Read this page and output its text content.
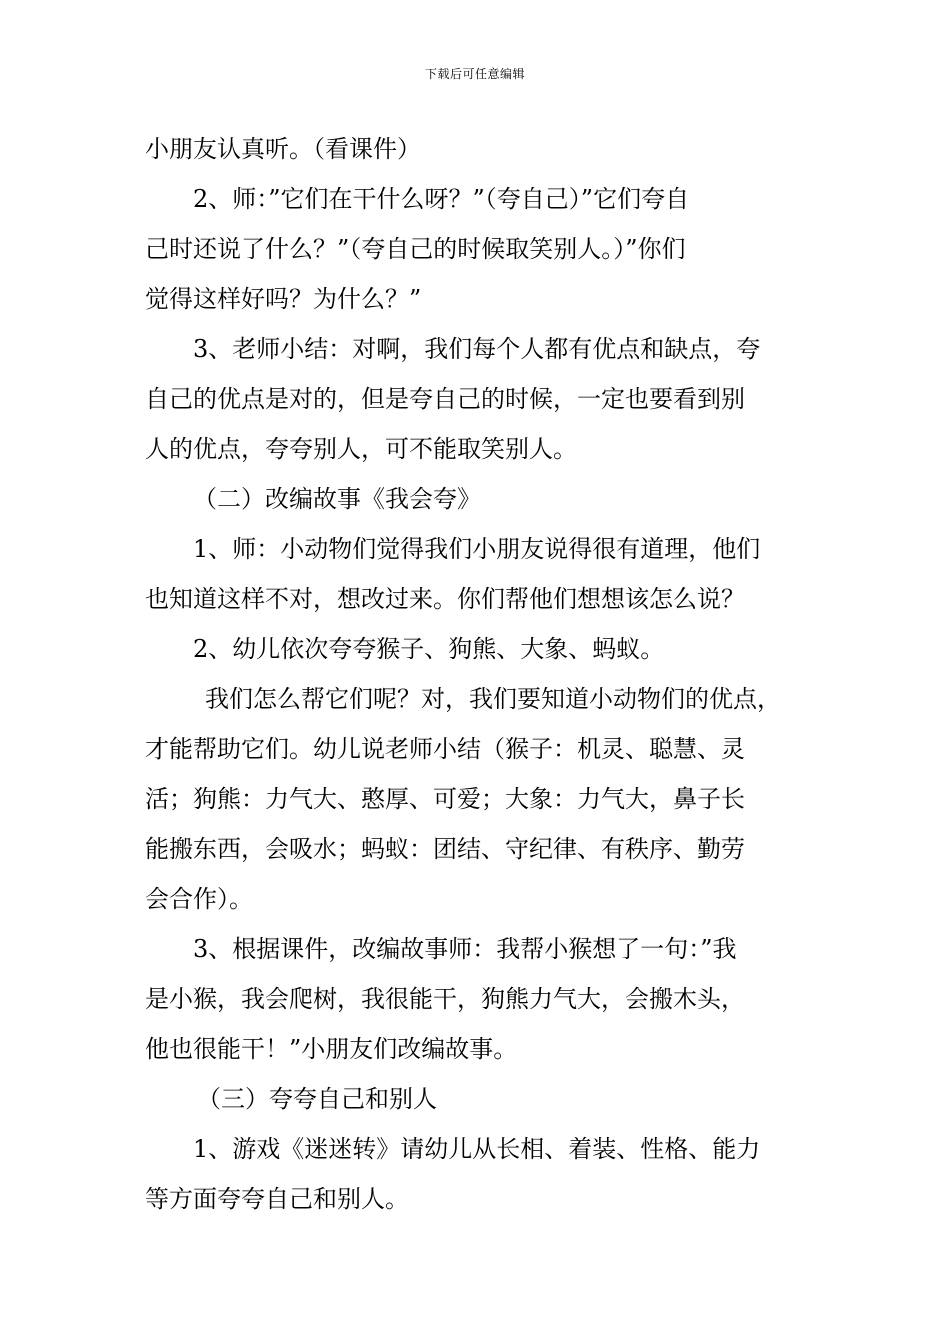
下载后可任意编辑
小朋友认真听。（看课件）
2、师：”它们在干什么呀？”（夸自己）”它们夸自
己时还说了什么？”（夸自己的时候取笑别人。）”你们
觉得这样好吗？为什么？”
3、老师小结：对啊，我们每个人都有优点和缺点，夸
自己的优点是对的，但是夸自己的时候，一定也要看到别
人的优点，夸夸别人，可不能取笑别人。
（二）改编故事《我会夸》
1、师：小动物们觉得我们小朋友说得很有道理，他们
也知道这样不对，想改过来。你们帮他们想想该怎么说？
2、幼儿依次夸夸猴子、狗熊、大象、蚂蚁。
我们怎么帮它们呢？对，我们要知道小动物们的优点，
才能帮助它们。幼儿说老师小结（猴子：机灵、聪慧、灵
活；狗熊：力气大、憨厚、可爱；大象：力气大，鼻子长
能搬东西，会吸水；蚂蚁：团结、守纪律、有秩序、勤劳
会合作）。
3、根据课件，改编故事师：我帮小猴想了一句：”我
是小猴，我会爬树，我很能干，狗熊力气大，会搬木头，
他也很能干！”小朋友们改编故事。
（三）夸夸自己和别人
1、游戏《迷迷转》请幼儿从长相、着装、性格、能力
等方面夸夸自己和别人。
